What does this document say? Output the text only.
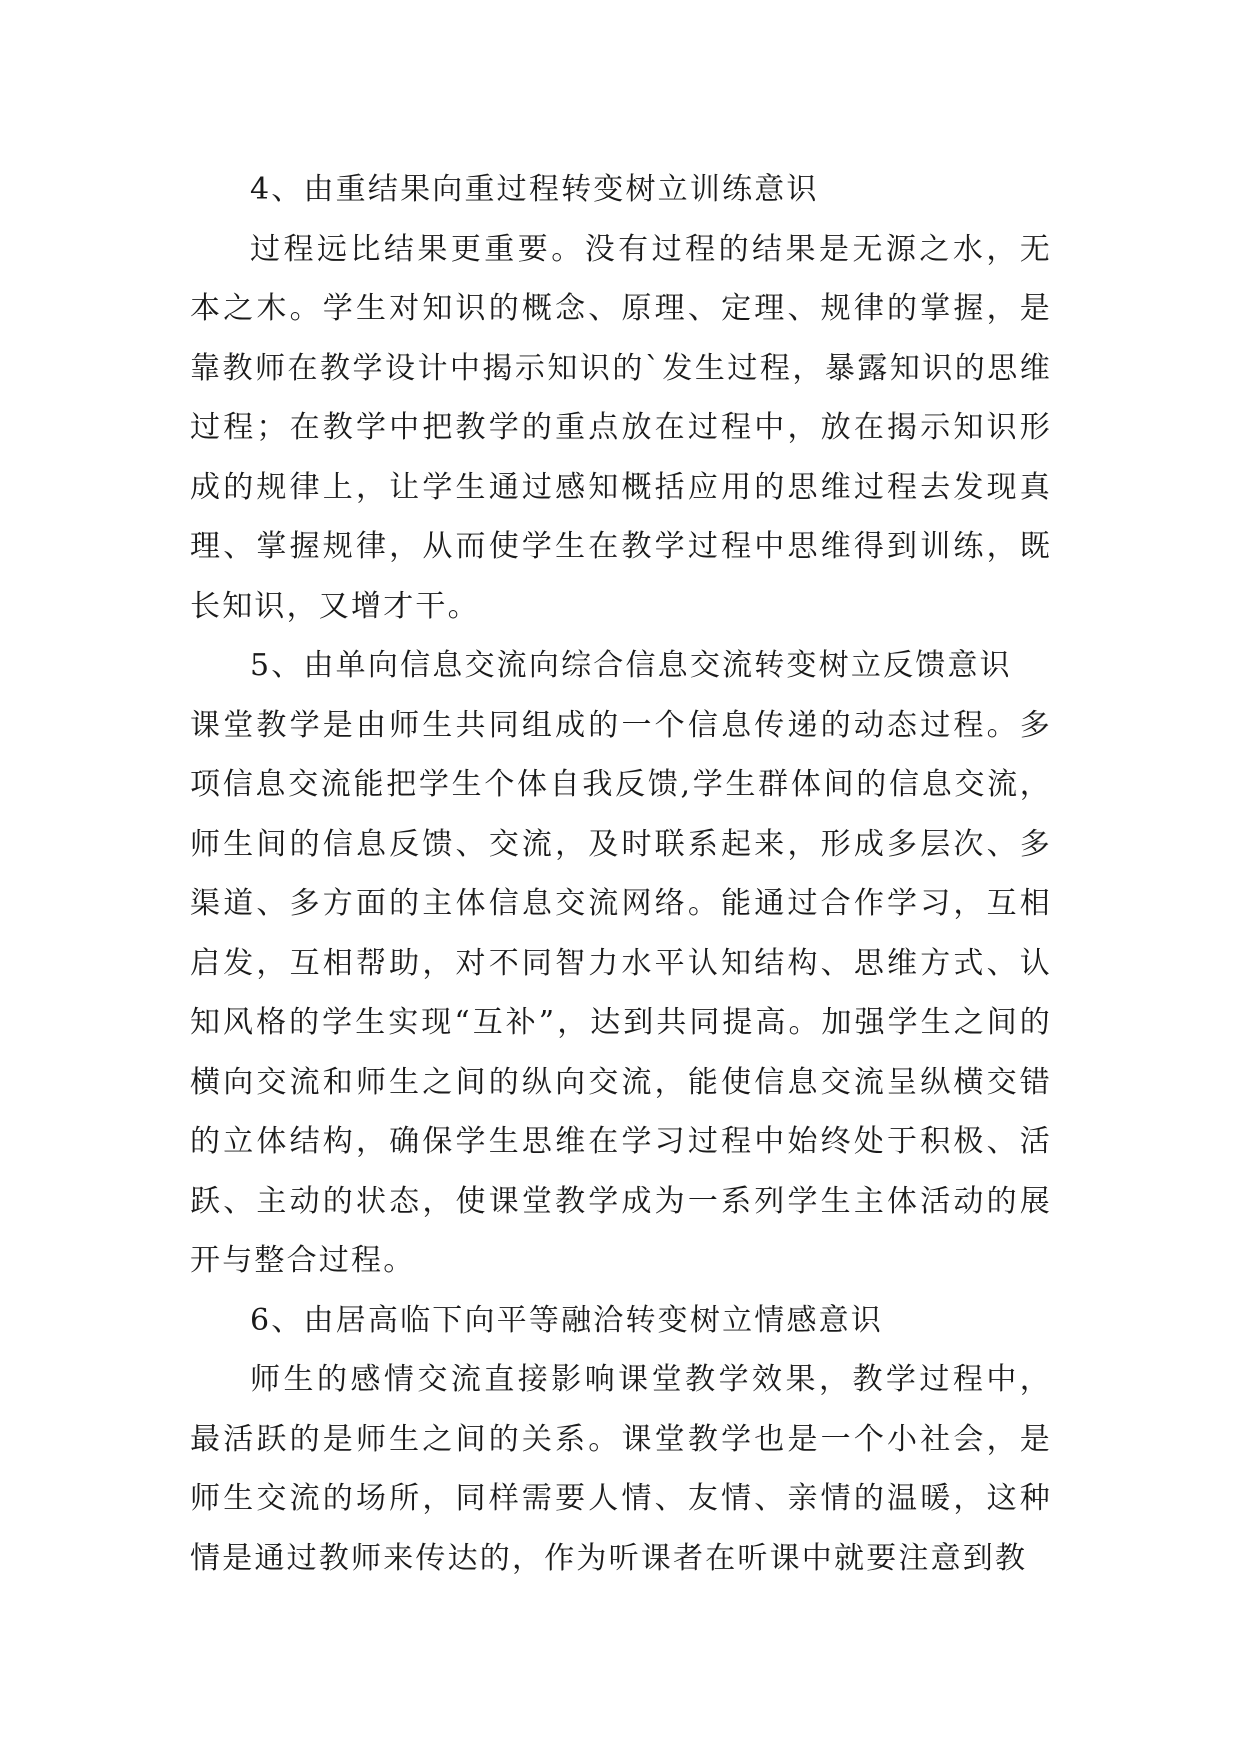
4、由重结果向重过程转变树立训练意识

过程远比结果更重要。没有过程的结果是无源之水，无本之木。学生对知识的概念、原理、定理、规律的掌握，是靠教师在教学设计中揭示知识的`发生过程，暴露知识的思维过程；在教学中把教学的重点放在过程中，放在揭示知识形成的规律上，让学生通过感知概括应用的思维过程去发现真理、掌握规律，从而使学生在教学过程中思维得到训练，既长知识，又增才干。

5、由单向信息交流向综合信息交流转变树立反馈意识

课堂教学是由师生共同组成的一个信息传递的动态过程。多项信息交流能把学生个体自我反馈,学生群体间的信息交流，师生间的信息反馈、交流，及时联系起来，形成多层次、多渠道、多方面的主体信息交流网络。能通过合作学习，互相启发，互相帮助，对不同智力水平认知结构、思维方式、认知风格的学生实现“互补”，达到共同提高。加强学生之间的横向交流和师生之间的纵向交流，能使信息交流呈纵横交错的立体结构，确保学生思维在学习过程中始终处于积极、活跃、主动的状态，使课堂教学成为一系列学生主体活动的展开与整合过程。

6、由居高临下向平等融洽转变树立情感意识

师生的感情交流直接影响课堂教学效果，教学过程中，最活跃的是师生之间的关系。课堂教学也是一个小社会，是师生交流的场所，同样需要人情、友情、亲情的温暖，这种情是通过教师来传达的，作为听课者在听课中就要注意到教
